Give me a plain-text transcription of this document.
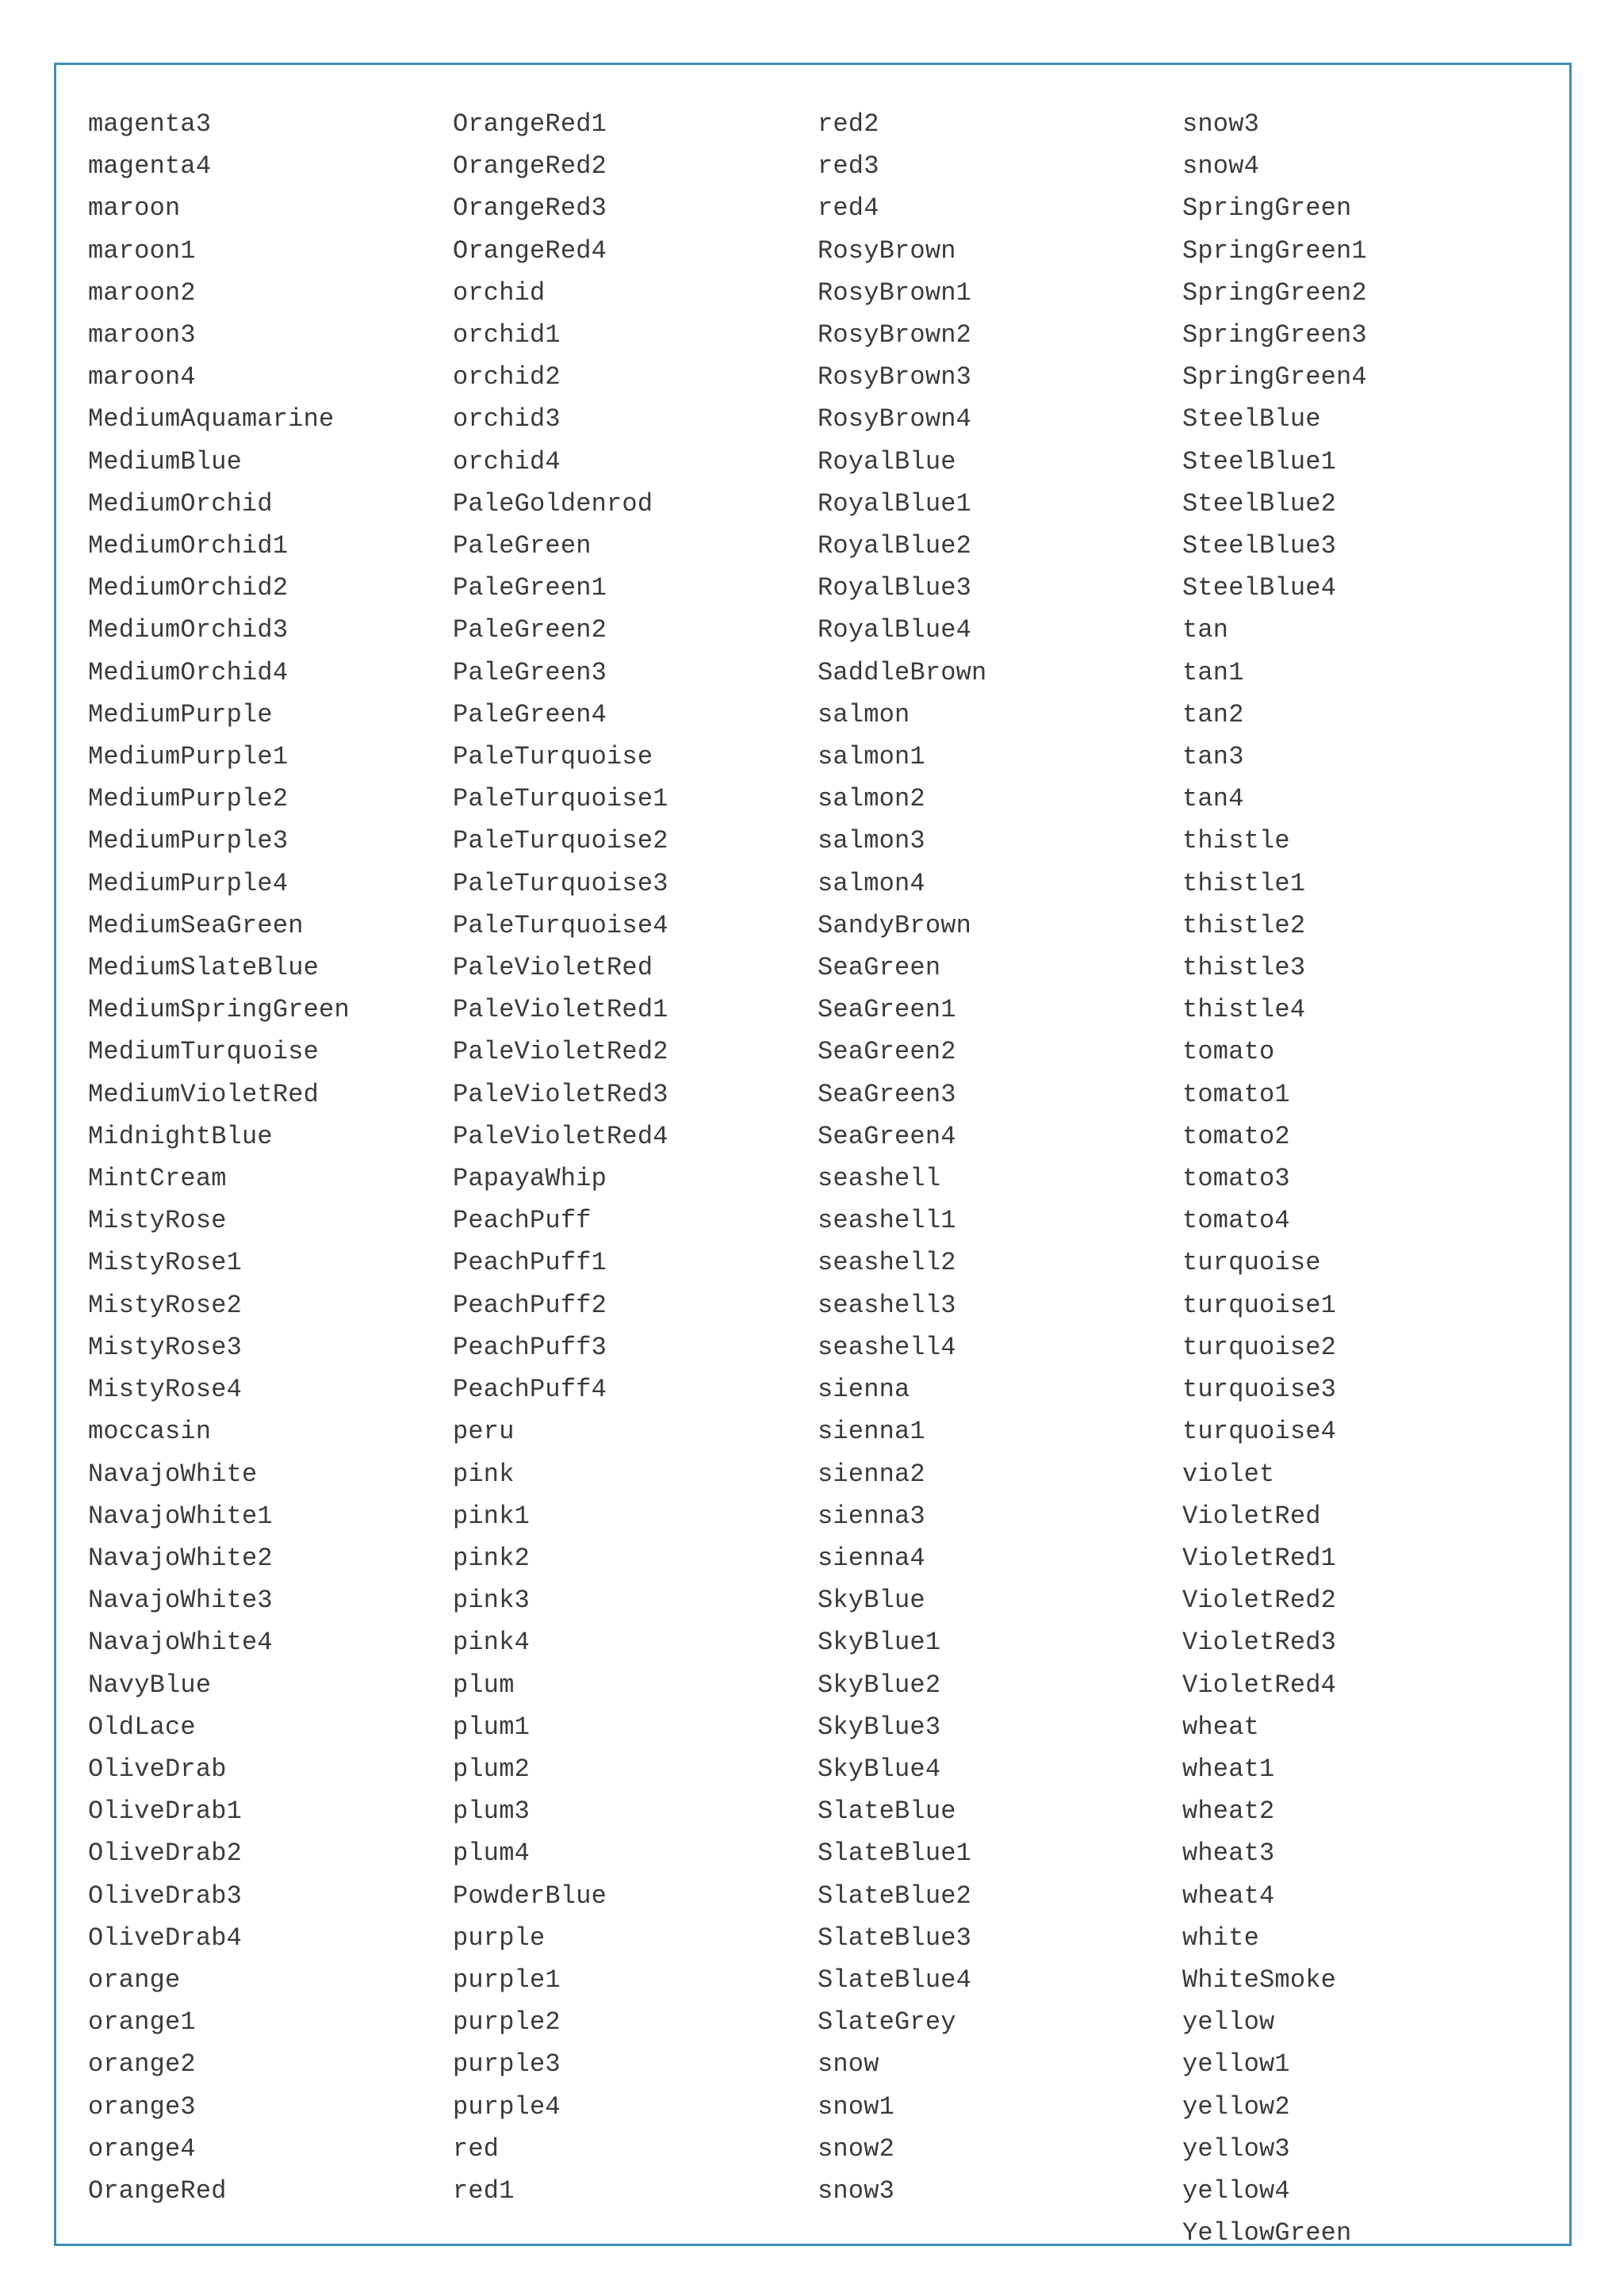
magenta3
magenta4
maroon
maroon1
maroon2
maroon3
maroon4
MediumAquamarine
MediumBlue
MediumOrchid
MediumOrchid1
MediumOrchid2
MediumOrchid3
MediumOrchid4
MediumPurple
MediumPurple1
MediumPurple2
MediumPurple3
MediumPurple4
MediumSeaGreen
MediumSlateBlue
MediumSpringGreen
MediumTurquoise
MediumVioletRed
MidnightBlue
MintCream
MistyRose
MistyRose1
MistyRose2
MistyRose3
MistyRose4
moccasin
NavajoWhite
NavajoWhite1
NavajoWhite2
NavajoWhite3
NavajoWhite4
NavyBlue
OldLace
OliveDrab
OliveDrab1
OliveDrab2
OliveDrab3
OliveDrab4
orange
orange1
orange2
orange3
orange4
OrangeRed
OrangeRed1
OrangeRed2
OrangeRed3
OrangeRed4
orchid
orchid1
orchid2
orchid3
orchid4
PaleGoldenrod
PaleGreen
PaleGreen1
PaleGreen2
PaleGreen3
PaleGreen4
PaleTurquoise
PaleTurquoise1
PaleTurquoise2
PaleTurquoise3
PaleTurquoise4
PaleVioletRed
PaleVioletRed1
PaleVioletRed2
PaleVioletRed3
PaleVioletRed4
PapayaWhip
PeachPuff
PeachPuff1
PeachPuff2
PeachPuff3
PeachPuff4
peru
pink
pink1
pink2
pink3
pink4
plum
plum1
plum2
plum3
plum4
PowderBlue
purple
purple1
purple2
purple3
purple4
red
red1
red2
red3
red4
RosyBrown
RosyBrown1
RosyBrown2
RosyBrown3
RosyBrown4
RoyalBlue
RoyalBlue1
RoyalBlue2
RoyalBlue3
RoyalBlue4
SaddleBrown
salmon
salmon1
salmon2
salmon3
salmon4
SandyBrown
SeaGreen
SeaGreen1
SeaGreen2
SeaGreen3
SeaGreen4
seashell
seashell1
seashell2
seashell3
seashell4
sienna
sienna1
sienna2
sienna3
sienna4
SkyBlue
SkyBlue1
SkyBlue2
SkyBlue3
SkyBlue4
SlateBlue
SlateBlue1
SlateBlue2
SlateBlue3
SlateBlue4
SlateGrey
snow
snow1
snow2
snow3
snow3
snow4
SpringGreen
SpringGreen1
SpringGreen2
SpringGreen3
SpringGreen4
SteelBlue
SteelBlue1
SteelBlue2
SteelBlue3
SteelBlue4
tan
tan1
tan2
tan3
tan4
thistle
thistle1
thistle2
thistle3
thistle4
tomato
tomato1
tomato2
tomato3
tomato4
turquoise
turquoise1
turquoise2
turquoise3
turquoise4
violet
VioletRed
VioletRed1
VioletRed2
VioletRed3
VioletRed4
wheat
wheat1
wheat2
wheat3
wheat4
white
WhiteSmoke
yellow
yellow1
yellow2
yellow3
yellow4
YellowGreen
